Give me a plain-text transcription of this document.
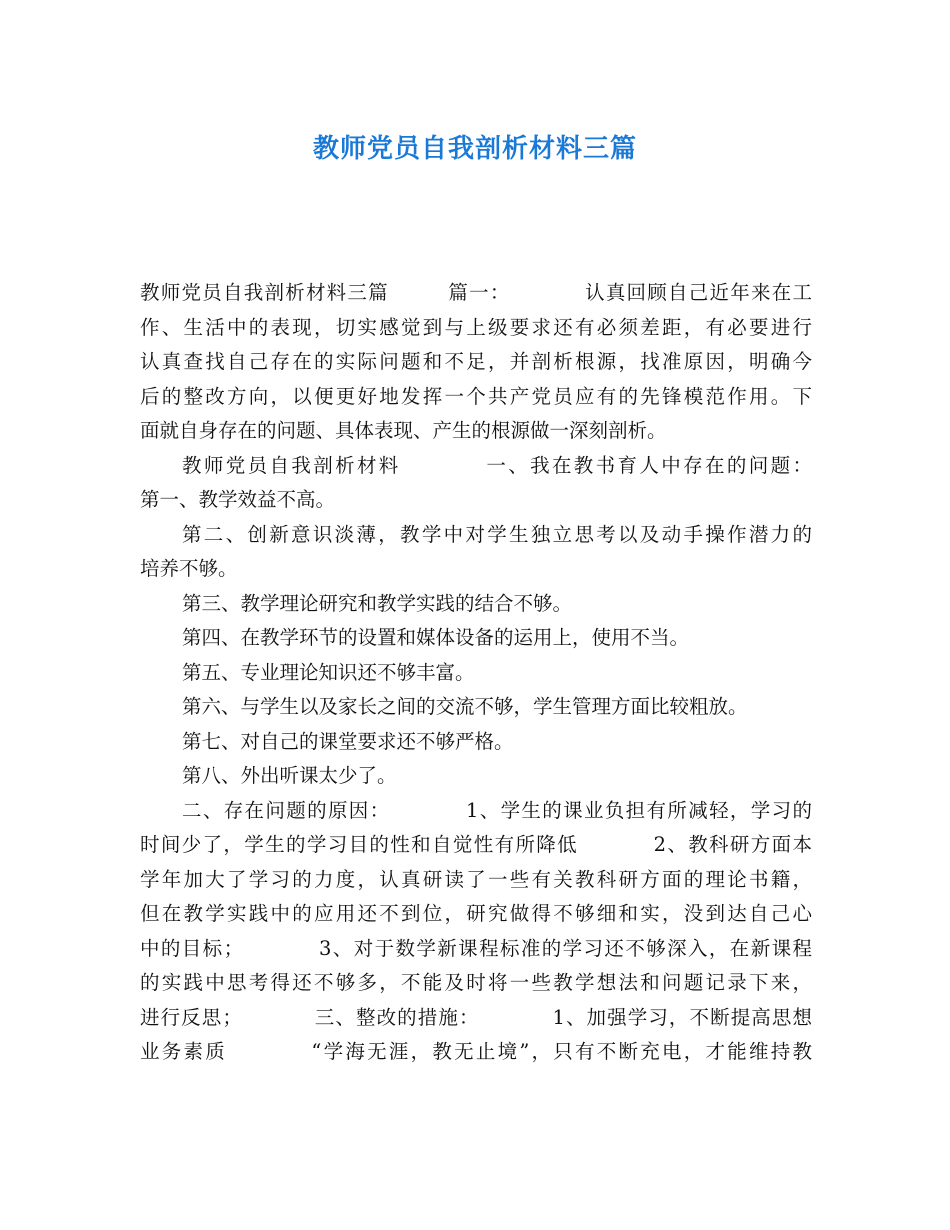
教师党员自我剖析材料三篇
教师党员自我剖析材料三篇        篇一：          认真回顾自己近年来在工
作、生活中的表现，切实感觉到与上级要求还有必须差距，有必要进行
认真查找自己存在的实际问题和不足，并剖析根源，找准原因，明确今
后的整改方向，以便更好地发挥一个共产党员应有的先锋模范作用。下
面就自身存在的问题、具体表现、产生的根源做一深刻剖析。
教师党员自我剖析材料          一、我在教书育人中存在的问题：
第一、教学效益不高。
第二、创新意识淡薄，教学中对学生独立思考以及动手操作潜力的
培养不够。
第三、教学理论研究和教学实践的结合不够。
第四、在教学环节的设置和媒体设备的运用上，使用不当。
第五、专业理论知识还不够丰富。
第六、与学生以及家长之间的交流不够，学生管理方面比较粗放。
第七、对自己的课堂要求还不够严格。
第八、外出听课太少了。
二、存在问题的原因：          1、学生的课业负担有所减轻，学习的
时间少了，学生的学习目的性和自觉性有所降低          2、教科研方面本
学年加大了学习的力度，认真研读了一些有关教科研方面的理论书籍，
但在教学实践中的应用还不到位，研究做得不够细和实，没到达自己心
中的目标；          3、对于数学新课程标准的学习还不够深入，在新课程
的实践中思考得还不够多，不能及时将一些教学想法和问题记录下来，
进行反思；          三、整改的措施：          1、加强学习，不断提高思想
业务素质          “学海无涯，教无止境”，只有不断充电，才能维持教
